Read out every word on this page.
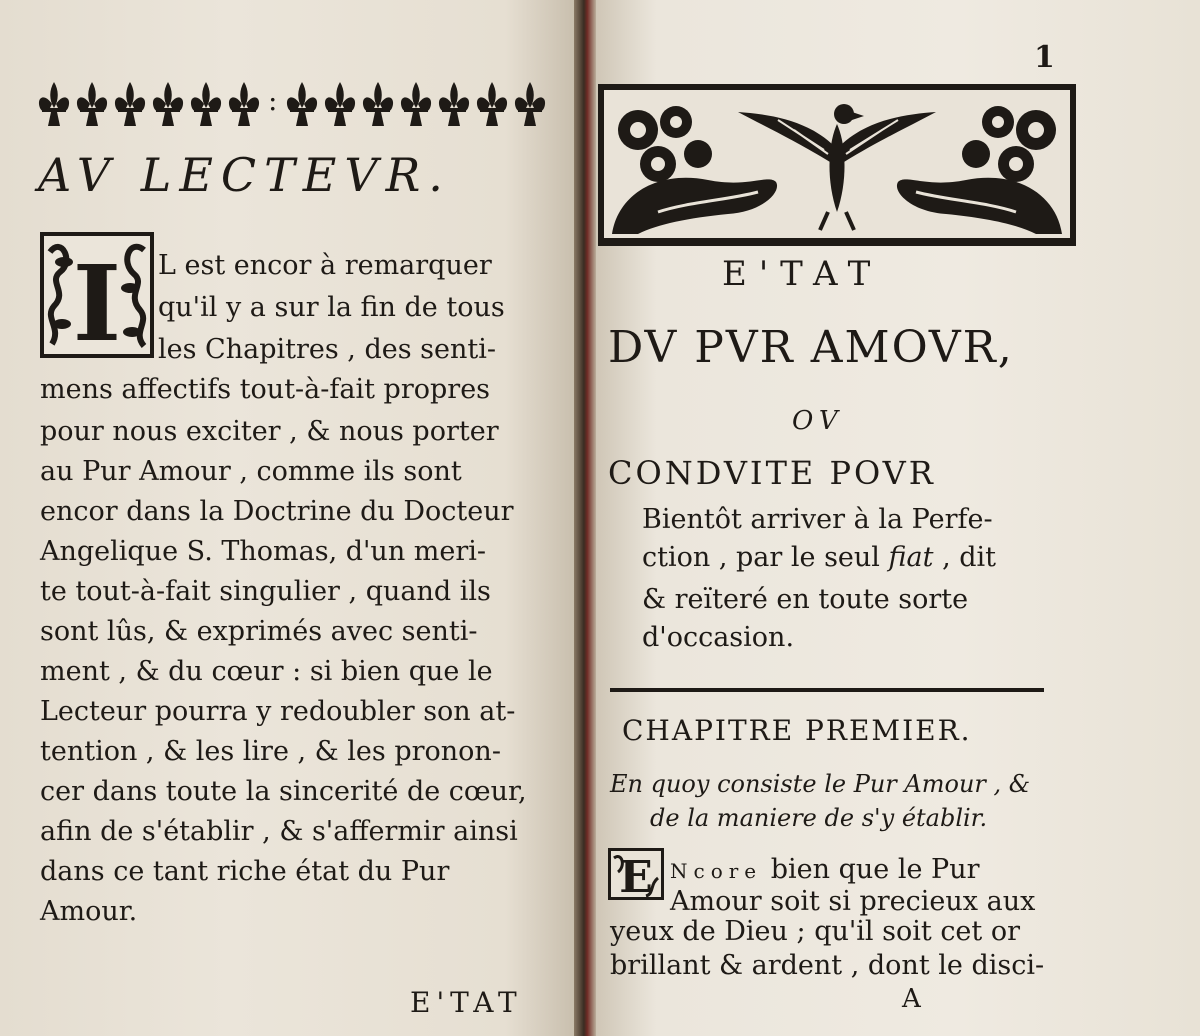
:
AV LECTEVR.
I L est encor à remarquer
qu'il y a sur la fin de tous
les Chapitres , des senti-
mens affectifs tout-à-fait propres
pour nous exciter , & nous porter
au Pur Amour , comme ils sont
encor dans la Doctrine du Docteur
Angelique S. Thomas, d'un meri-
te tout-à-fait singulier , quand ils
sont lûs, & exprimés avec senti-
ment , & du cœur : si bien que le
Lecteur pourra y redoubler son at-
tention , & les lire , & les pronon-
cer dans toute la sincerité de cœur,
afin de s'établir , & s'affermir ainsi
dans ce tant riche état du Pur
Amour.
E'TAT
1
E'TAT
DV PVR AMOVR,
OV
CONDVITE POVR
Bientôt arriver à la Perfe-
ction , par le seul fiat , dit
& reïteré en toute sorte
d'occasion.
CHAPITRE PREMIER.
En quoy consiste le Pur Amour , &
de la maniere de s'y établir.
E Ncore bien que le Pur
Amour soit si precieux aux
yeux de Dieu ; qu'il soit cet or
brillant & ardent , dont le disci-
A
